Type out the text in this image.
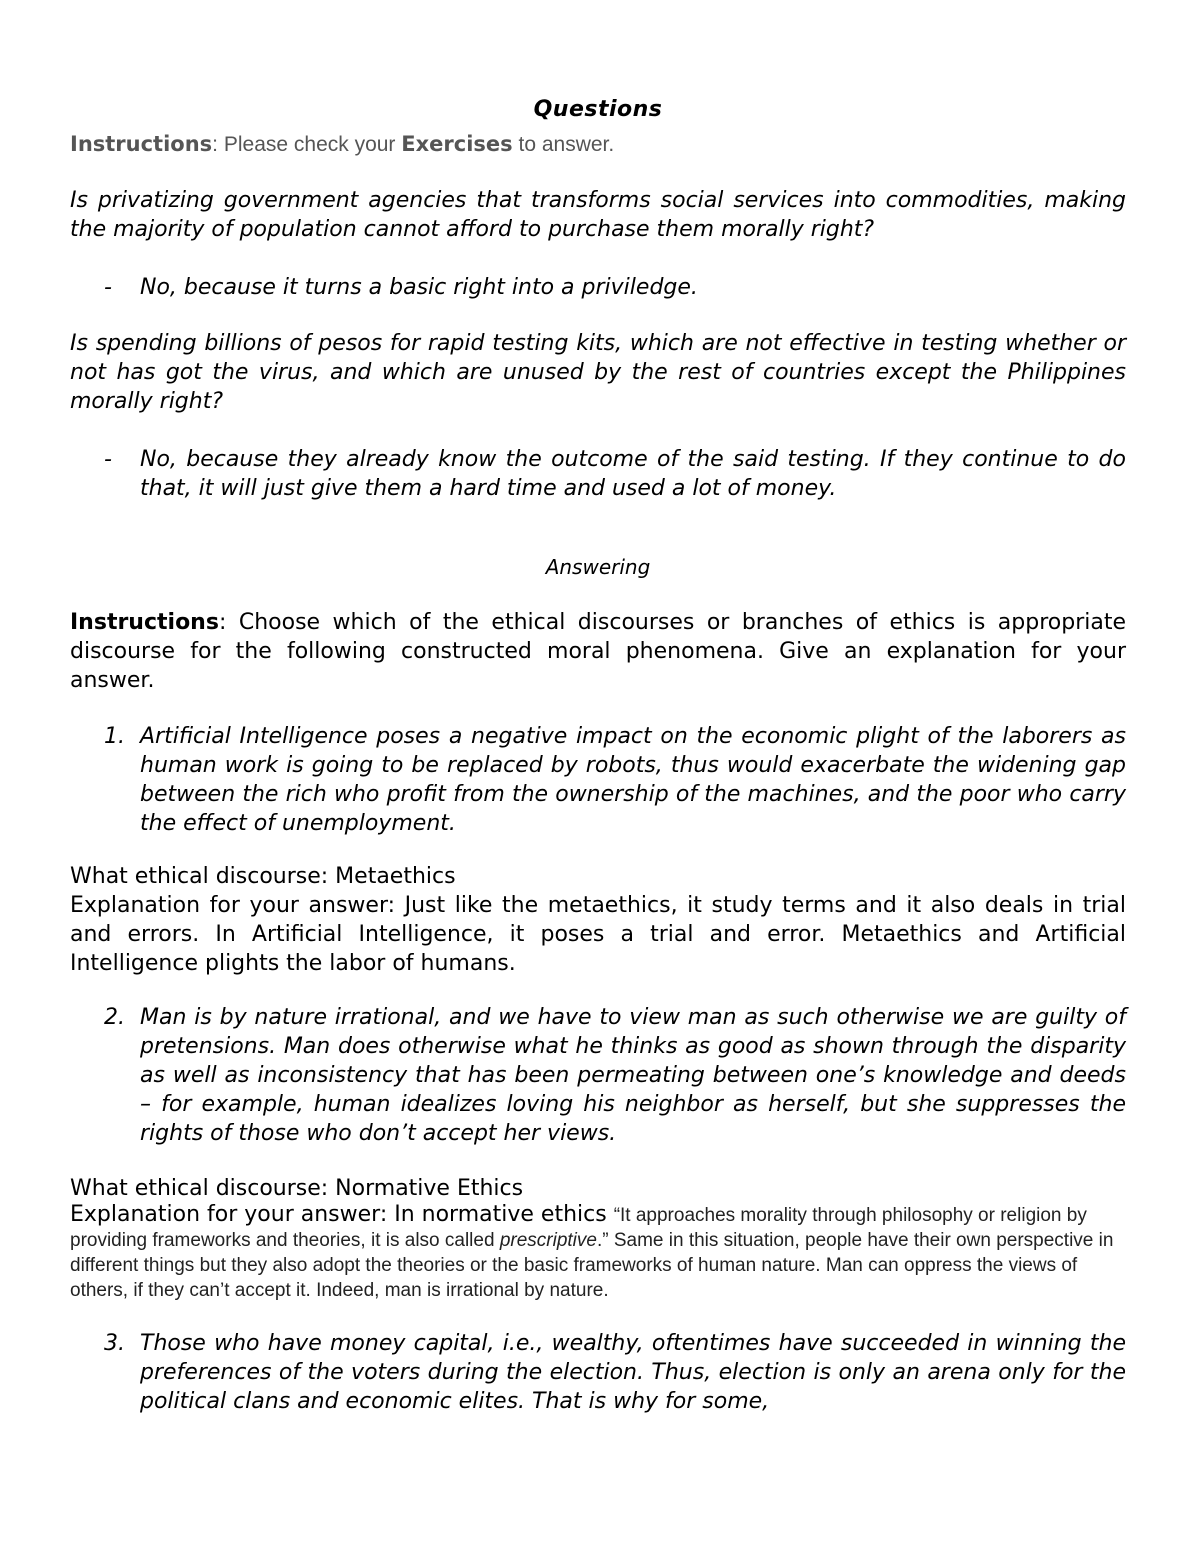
Questions

Instructions: Please check your Exercises to answer.

Is privatizing government agencies that transforms social services into commodities, making the majority of population cannot afford to purchase them morally right?

-	No, because it turns a basic right into a priviledge.

Is spending billions of pesos for rapid testing kits, which are not effective in testing whether or not has got the virus, and which are unused by the rest of countries except the Philippines morally right?

-	No, because they already know the outcome of the said testing. If they continue to do that, it will just give them a hard time and used a lot of money.

Answering

Instructions: Choose which of the ethical discourses or branches of ethics is appropriate discourse for the following constructed moral phenomena. Give an explanation for your answer.

1. Artificial Intelligence poses a negative impact on the economic plight of the laborers as human work is going to be replaced by robots, thus would exacerbate the widening gap between the rich who profit from the ownership of the machines, and the poor who carry the effect of unemployment.

What ethical discourse: Metaethics

Explanation for your answer: Just like the metaethics, it study terms and it also deals in trial and errors. In Artificial Intelligence, it poses a trial and error. Metaethics and Artificial Intelligence plights the labor of humans.

2. Man is by nature irrational, and we have to view man as such otherwise we are guilty of pretensions. Man does otherwise what he thinks as good as shown through the disparity as well as inconsistency that has been permeating between one’s knowledge and deeds – for example, human idealizes loving his neighbor as herself, but she suppresses the rights of those who don’t accept her views.

What ethical discourse: Normative Ethics

Explanation for your answer: In normative ethics “It approaches morality through philosophy or religion by providing frameworks and theories, it is also called prescriptive.” Same in this situation, people have their own perspective in different things but they also adopt the theories or the basic frameworks of human nature. Man can oppress the views of others, if they can’t accept it. Indeed, man is irrational by nature.

3. Those who have money capital, i.e., wealthy, oftentimes have succeeded in winning the preferences of the voters during the election. Thus, election is only an arena only for the political clans and economic elites. That is why for some,
